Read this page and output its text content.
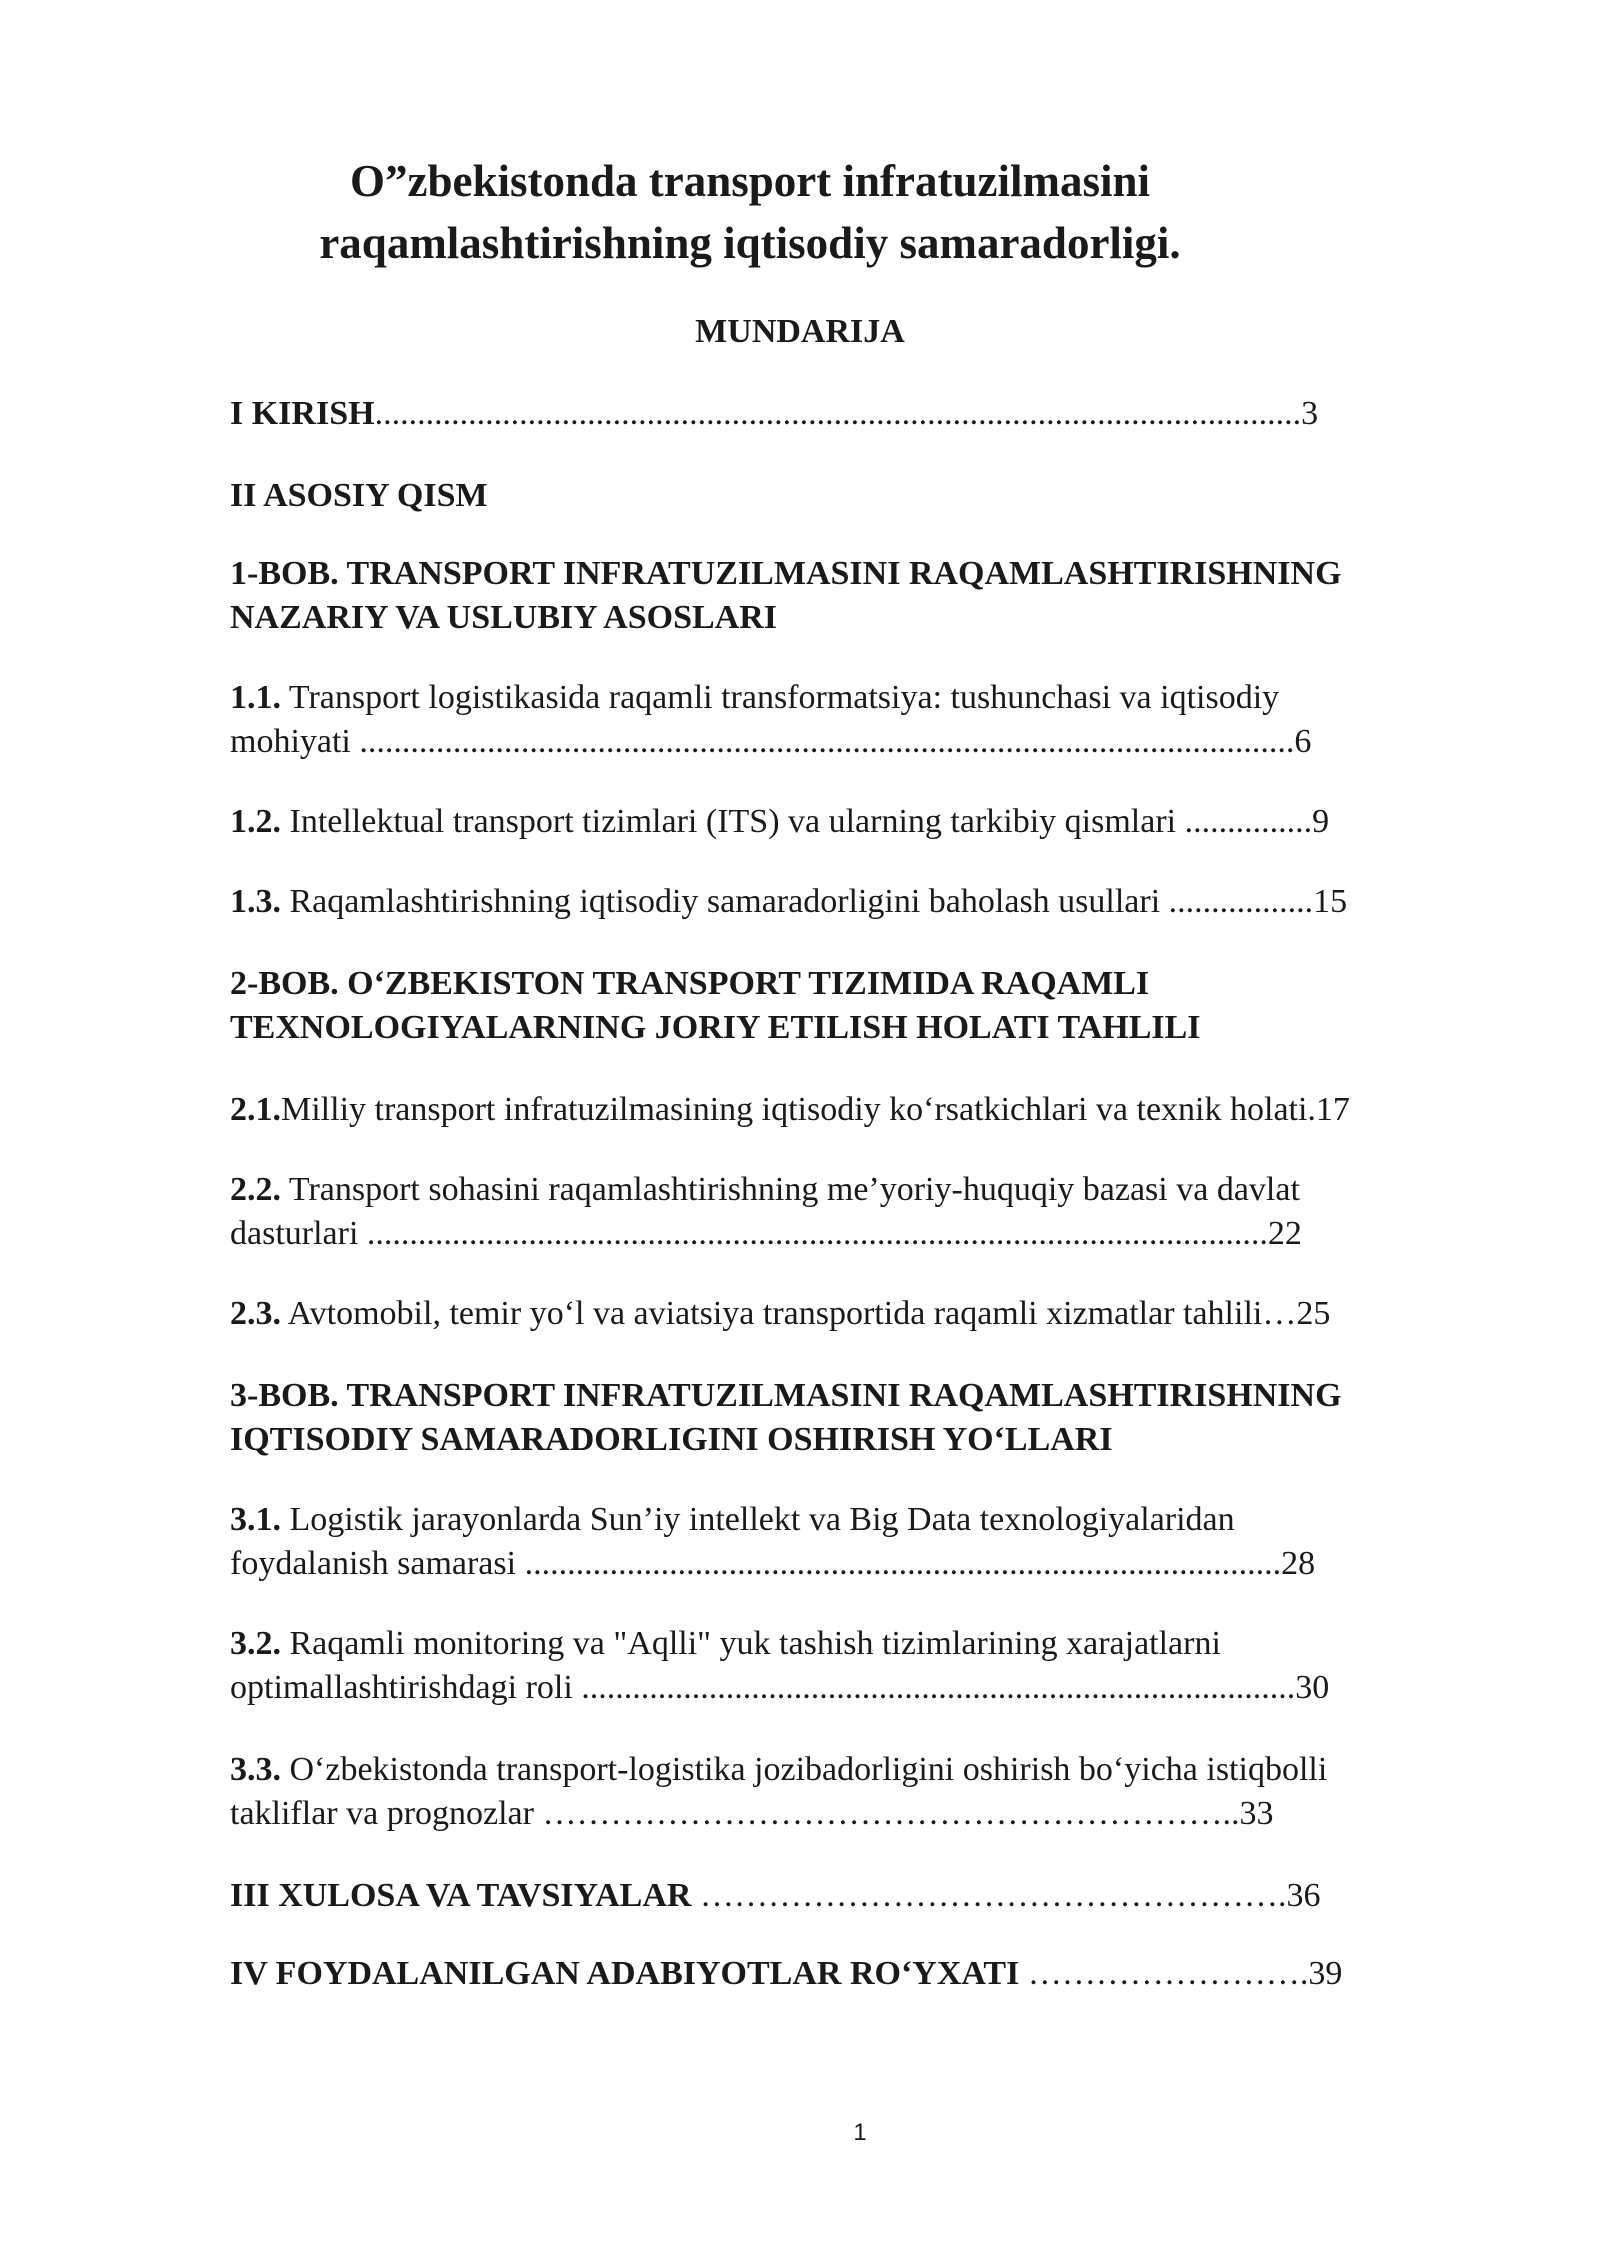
O”zbekistonda transport infratuzilmasini
raqamlashtirishning iqtisodiy samaradorligi.
MUNDARIJA

I KIRISH.............................................................................................................3

II ASOSIY QISM

1-BOB. TRANSPORT INFRATUZILMASINI RAQAMLASHTIRISHNING
NAZARIY VA USLUBIY ASOSLARI

1.1. Transport logistikasida raqamli transformatsiya: tushunchasi va iqtisodiy
mohiyati ..............................................................................................................6

1.2. Intellektual transport tizimlari (ITS) va ularning tarkibiy qismlari ...............9

1.3. Raqamlashtirishning iqtisodiy samaradorligini baholash usullari .................15

2-BOB. O‘ZBEKISTON TRANSPORT TIZIMIDA RAQAMLI
TEXNOLOGIYALARNING JORIY ETILISH HOLATI TAHLILI

2.1.Milliy transport infratuzilmasining iqtisodiy ko‘rsatkichlari va texnik holati.17

2.2. Transport sohasini raqamlashtirishning me’yoriy-huquqiy bazasi va davlat
dasturlari ..........................................................................................................22

2.3. Avtomobil, temir yo‘l va aviatsiya transportida raqamli xizmatlar tahlili…25

3-BOB. TRANSPORT INFRATUZILMASINI RAQAMLASHTIRISHNING
IQTISODIY SAMARADORLIGINI OSHIRISH YO‘LLARI

3.1. Logistik jarayonlarda Sun’iy intellekt va Big Data texnologiyalaridan
foydalanish samarasi .........................................................................................28

3.2. Raqamli monitoring va "Aqlli" yuk tashish tizimlarining xarajatlarni
optimallashtirishdagi roli ....................................................................................30

3.3. O‘zbekistonda transport-logistika jozibadorligini oshirish bo‘yicha istiqbolli
takliflar va prognozlar ……………………………………………………..33

III XULOSA VA TAVSIYALAR …………………………………………….36

IV FOYDALANILGAN ADABIYOTLAR RO‘YXATI …………………….39

1
